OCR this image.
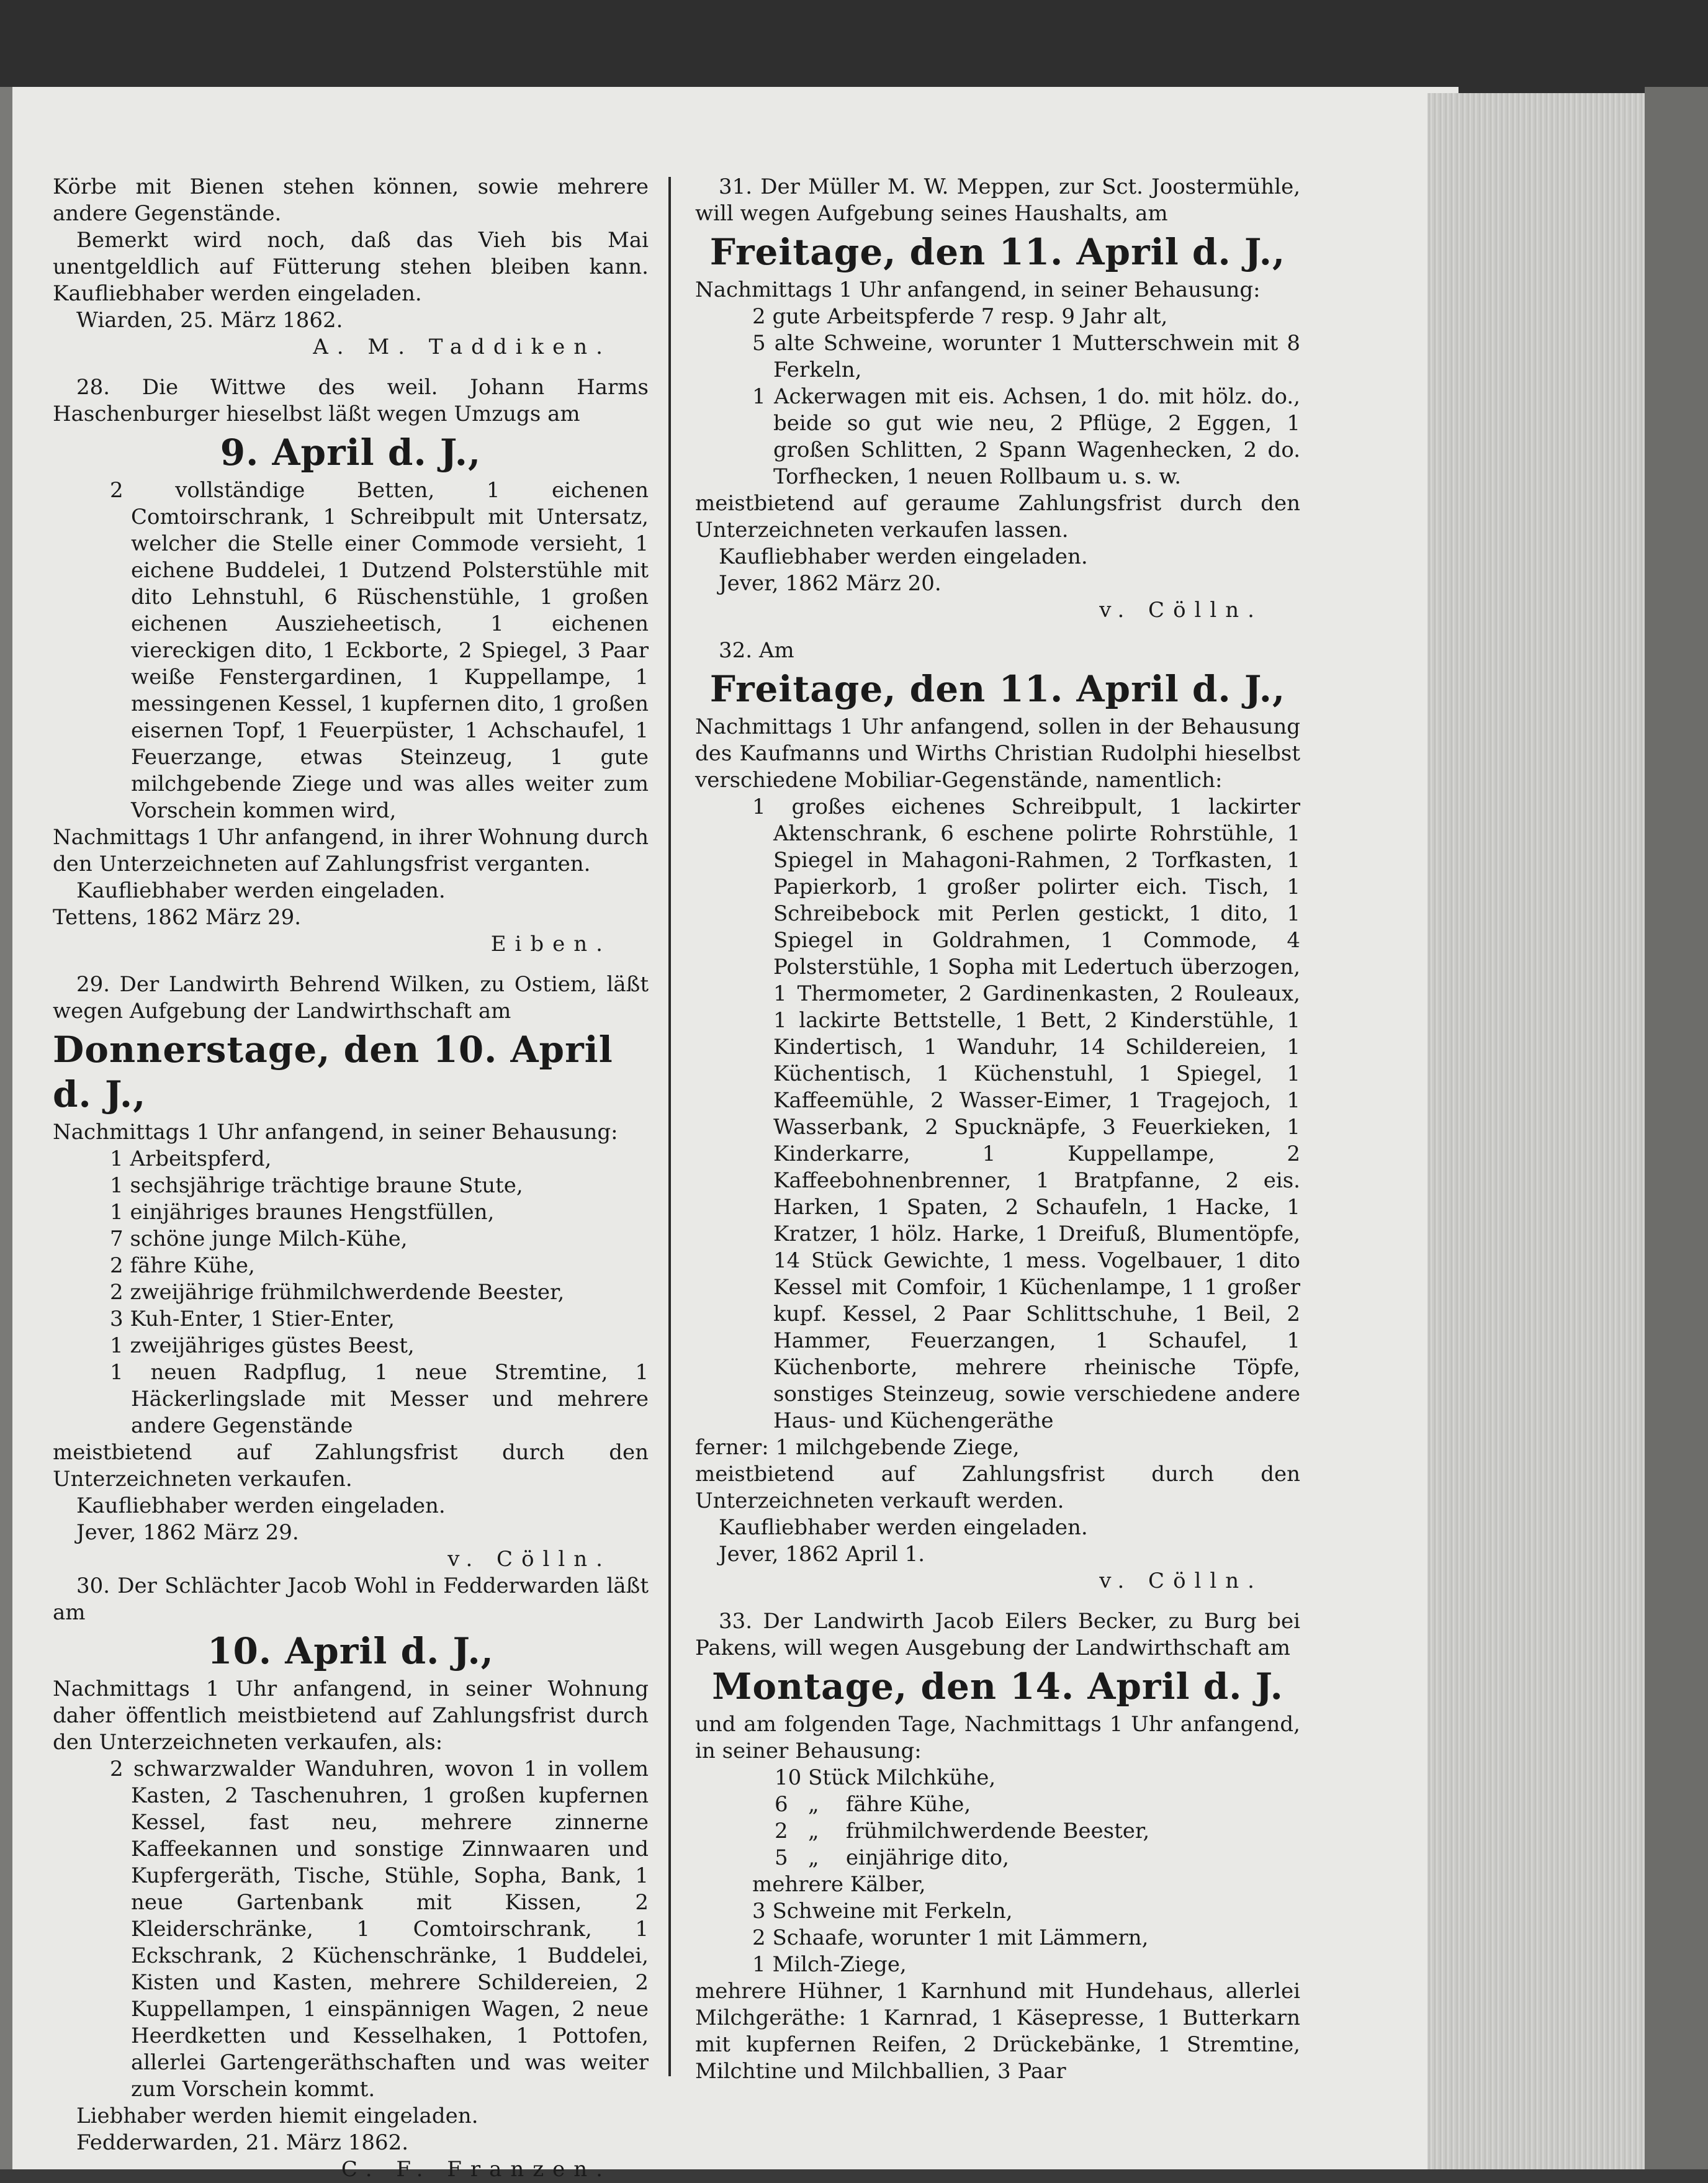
Körbe mit Bienen stehen können, sowie mehrere andere Gegenstände.

Bemerkt wird noch, daß das Vieh bis Mai unentgeldlich auf Fütterung stehen bleiben kann. Kaufliebhaber werden eingeladen.

Wiarden, 25. März 1862.

A. M. Taddiken.

28. Die Wittwe des weil. Johann Harms Haschenburger hieselbst läßt wegen Umzugs am

9. April d. J.,

2 vollständige Betten, 1 eichenen Comtoirschrank, 1 Schreibpult mit Untersatz, welcher die Stelle einer Commode versieht, 1 eichene Buddelei, 1 Dutzend Polsterstühle mit dito Lehnstuhl, 6 Rüschenstühle, 1 großen eichenen Auszieheetisch, 1 eichenen viereckigen dito, 1 Eckborte, 2 Spiegel, 3 Paar weiße Fenstergardinen, 1 Kuppellampe, 1 messingenen Kessel, 1 kupfernen dito, 1 großen eisernen Topf, 1 Feuerpüster, 1 Achschaufel, 1 Feuerzange, etwas Steinzeug, 1 gute milchgebende Ziege und was alles weiter zum Vorschein kommen wird,

Nachmittags 1 Uhr anfangend, in ihrer Wohnung durch den Unterzeichneten auf Zahlungsfrist verganten.

Kaufliebhaber werden eingeladen.

Tettens, 1862 März 29.

Eiben.

29. Der Landwirth Behrend Wilken, zu Ostiem, läßt wegen Aufgebung der Landwirthschaft am

Donnerstage, den 10. April d. J.,

Nachmittags 1 Uhr anfangend, in seiner Behausung:

1 Arbeitspferd,

1 sechsjährige trächtige braune Stute,

1 einjähriges braunes Hengstfüllen,

7 schöne junge Milch-Kühe,

2 fähre Kühe,

2 zweijährige frühmilchwerdende Beester,

3 Kuh-Enter, 1 Stier-Enter,

1 zweijähriges güstes Beest,

1 neuen Radpflug, 1 neue Stremtine, 1 Häckerlingslade mit Messer und mehrere andere Gegenstände

meistbietend auf Zahlungsfrist durch den Unterzeichneten verkaufen.

Kaufliebhaber werden eingeladen.

Jever, 1862 März 29.

v. Cölln.

30. Der Schlächter Jacob Wohl in Fedderwarden läßt am

10. April d. J.,

Nachmittags 1 Uhr anfangend, in seiner Wohnung daher öffentlich meistbietend auf Zahlungsfrist durch den Unterzeichneten verkaufen, als:

2 schwarzwalder Wanduhren, wovon 1 in vollem Kasten, 2 Taschenuhren, 1 großen kupfernen Kessel, fast neu, mehrere zinnerne Kaffeekannen und sonstige Zinnwaaren und Kupfergeräth, Tische, Stühle, Sopha, Bank, 1 neue Gartenbank mit Kissen, 2 Kleiderschränke, 1 Comtoirschrank, 1 Eckschrank, 2 Küchenschränke, 1 Buddelei, Kisten und Kasten, mehrere Schildereien, 2 Kuppellampen, 1 einspännigen Wagen, 2 neue Heerdketten und Kesselhaken, 1 Pottofen, allerlei Gartengeräthschaften und was weiter zum Vorschein kommt.

Liebhaber werden hiemit eingeladen.

Fedderwarden, 21. März 1862.

C. F. Franzen.

31. Der Müller M. W. Meppen, zur Sct. Joostermühle, will wegen Aufgebung seines Haushalts, am

Freitage, den 11. April d. J.,

Nachmittags 1 Uhr anfangend, in seiner Behausung:

2 gute Arbeitspferde 7 resp. 9 Jahr alt,

5 alte Schweine, worunter 1 Mutterschwein mit 8 Ferkeln,

1 Ackerwagen mit eis. Achsen, 1 do. mit hölz. do., beide so gut wie neu, 2 Pflüge, 2 Eggen, 1 großen Schlitten, 2 Spann Wagenhecken, 2 do. Torfhecken, 1 neuen Rollbaum u. s. w.

meistbietend auf geraume Zahlungsfrist durch den Unterzeichneten verkaufen lassen.

Kaufliebhaber werden eingeladen.

Jever, 1862 März 20.

v. Cölln.

32. Am

Freitage, den 11. April d. J.,

Nachmittags 1 Uhr anfangend, sollen in der Behausung des Kaufmanns und Wirths Christian Rudolphi hieselbst verschiedene Mobiliar-Gegenstände, namentlich:

1 großes eichenes Schreibpult, 1 lackirter Aktenschrank, 6 eschene polirte Rohrstühle, 1 Spiegel in Mahagoni-Rahmen, 2 Torfkasten, 1 Papierkorb, 1 großer polirter eich. Tisch, 1 Schreibebock mit Perlen gestickt, 1 dito, 1 Spiegel in Goldrahmen, 1 Commode, 4 Polsterstühle, 1 Sopha mit Ledertuch überzogen, 1 Thermometer, 2 Gardinenkasten, 2 Rouleaux, 1 lackirte Bettstelle, 1 Bett, 2 Kinderstühle, 1 Kindertisch, 1 Wanduhr, 14 Schildereien, 1 Küchentisch, 1 Küchenstuhl, 1 Spiegel, 1 Kaffeemühle, 2 Wasser-Eimer, 1 Tragejoch, 1 Wasserbank, 2 Spucknäpfe, 3 Feuerkieken, 1 Kinderkarre, 1 Kuppellampe, 2 Kaffeebohnenbrenner, 1 Bratpfanne, 2 eis. Harken, 1 Spaten, 2 Schaufeln, 1 Hacke, 1 Kratzer, 1 hölz. Harke, 1 Dreifuß, Blumentöpfe, 14 Stück Gewichte, 1 mess. Vogelbauer, 1 dito Kessel mit Comfoir, 1 Küchenlampe, 1 1 großer kupf. Kessel, 2 Paar Schlittschuhe, 1 Beil, 2 Hammer, Feuerzangen, 1 Schaufel, 1 Küchenborte, mehrere rheinische Töpfe, sonstiges Steinzeug, sowie verschiedene andere Haus- und Küchengeräthe

ferner: 1 milchgebende Ziege,

meistbietend auf Zahlungsfrist durch den Unterzeichneten verkauft werden.

Kaufliebhaber werden eingeladen.

Jever, 1862 April 1.

v. Cölln.

33. Der Landwirth Jacob Eilers Becker, zu Burg bei Pakens, will wegen Ausgebung der Landwirthschaft am

Montage, den 14. April d. J.

und am folgenden Tage, Nachmittags 1 Uhr anfangend, in seiner Behausung:

10 Stück Milchkühe,

6   „    fähre Kühe,

2   „    frühmilchwerdende Beester,

5   „    einjährige dito,

mehrere Kälber,

3 Schweine mit Ferkeln,

2 Schaafe, worunter 1 mit Lämmern,

1 Milch-Ziege,

mehrere Hühner, 1 Karnhund mit Hundehaus, allerlei Milchgeräthe: 1 Karnrad, 1 Käsepresse, 1 Butterkarn mit kupfernen Reifen, 2 Drückebänke, 1 Stremtine, Milchtine und Milchballien, 3 Paar
